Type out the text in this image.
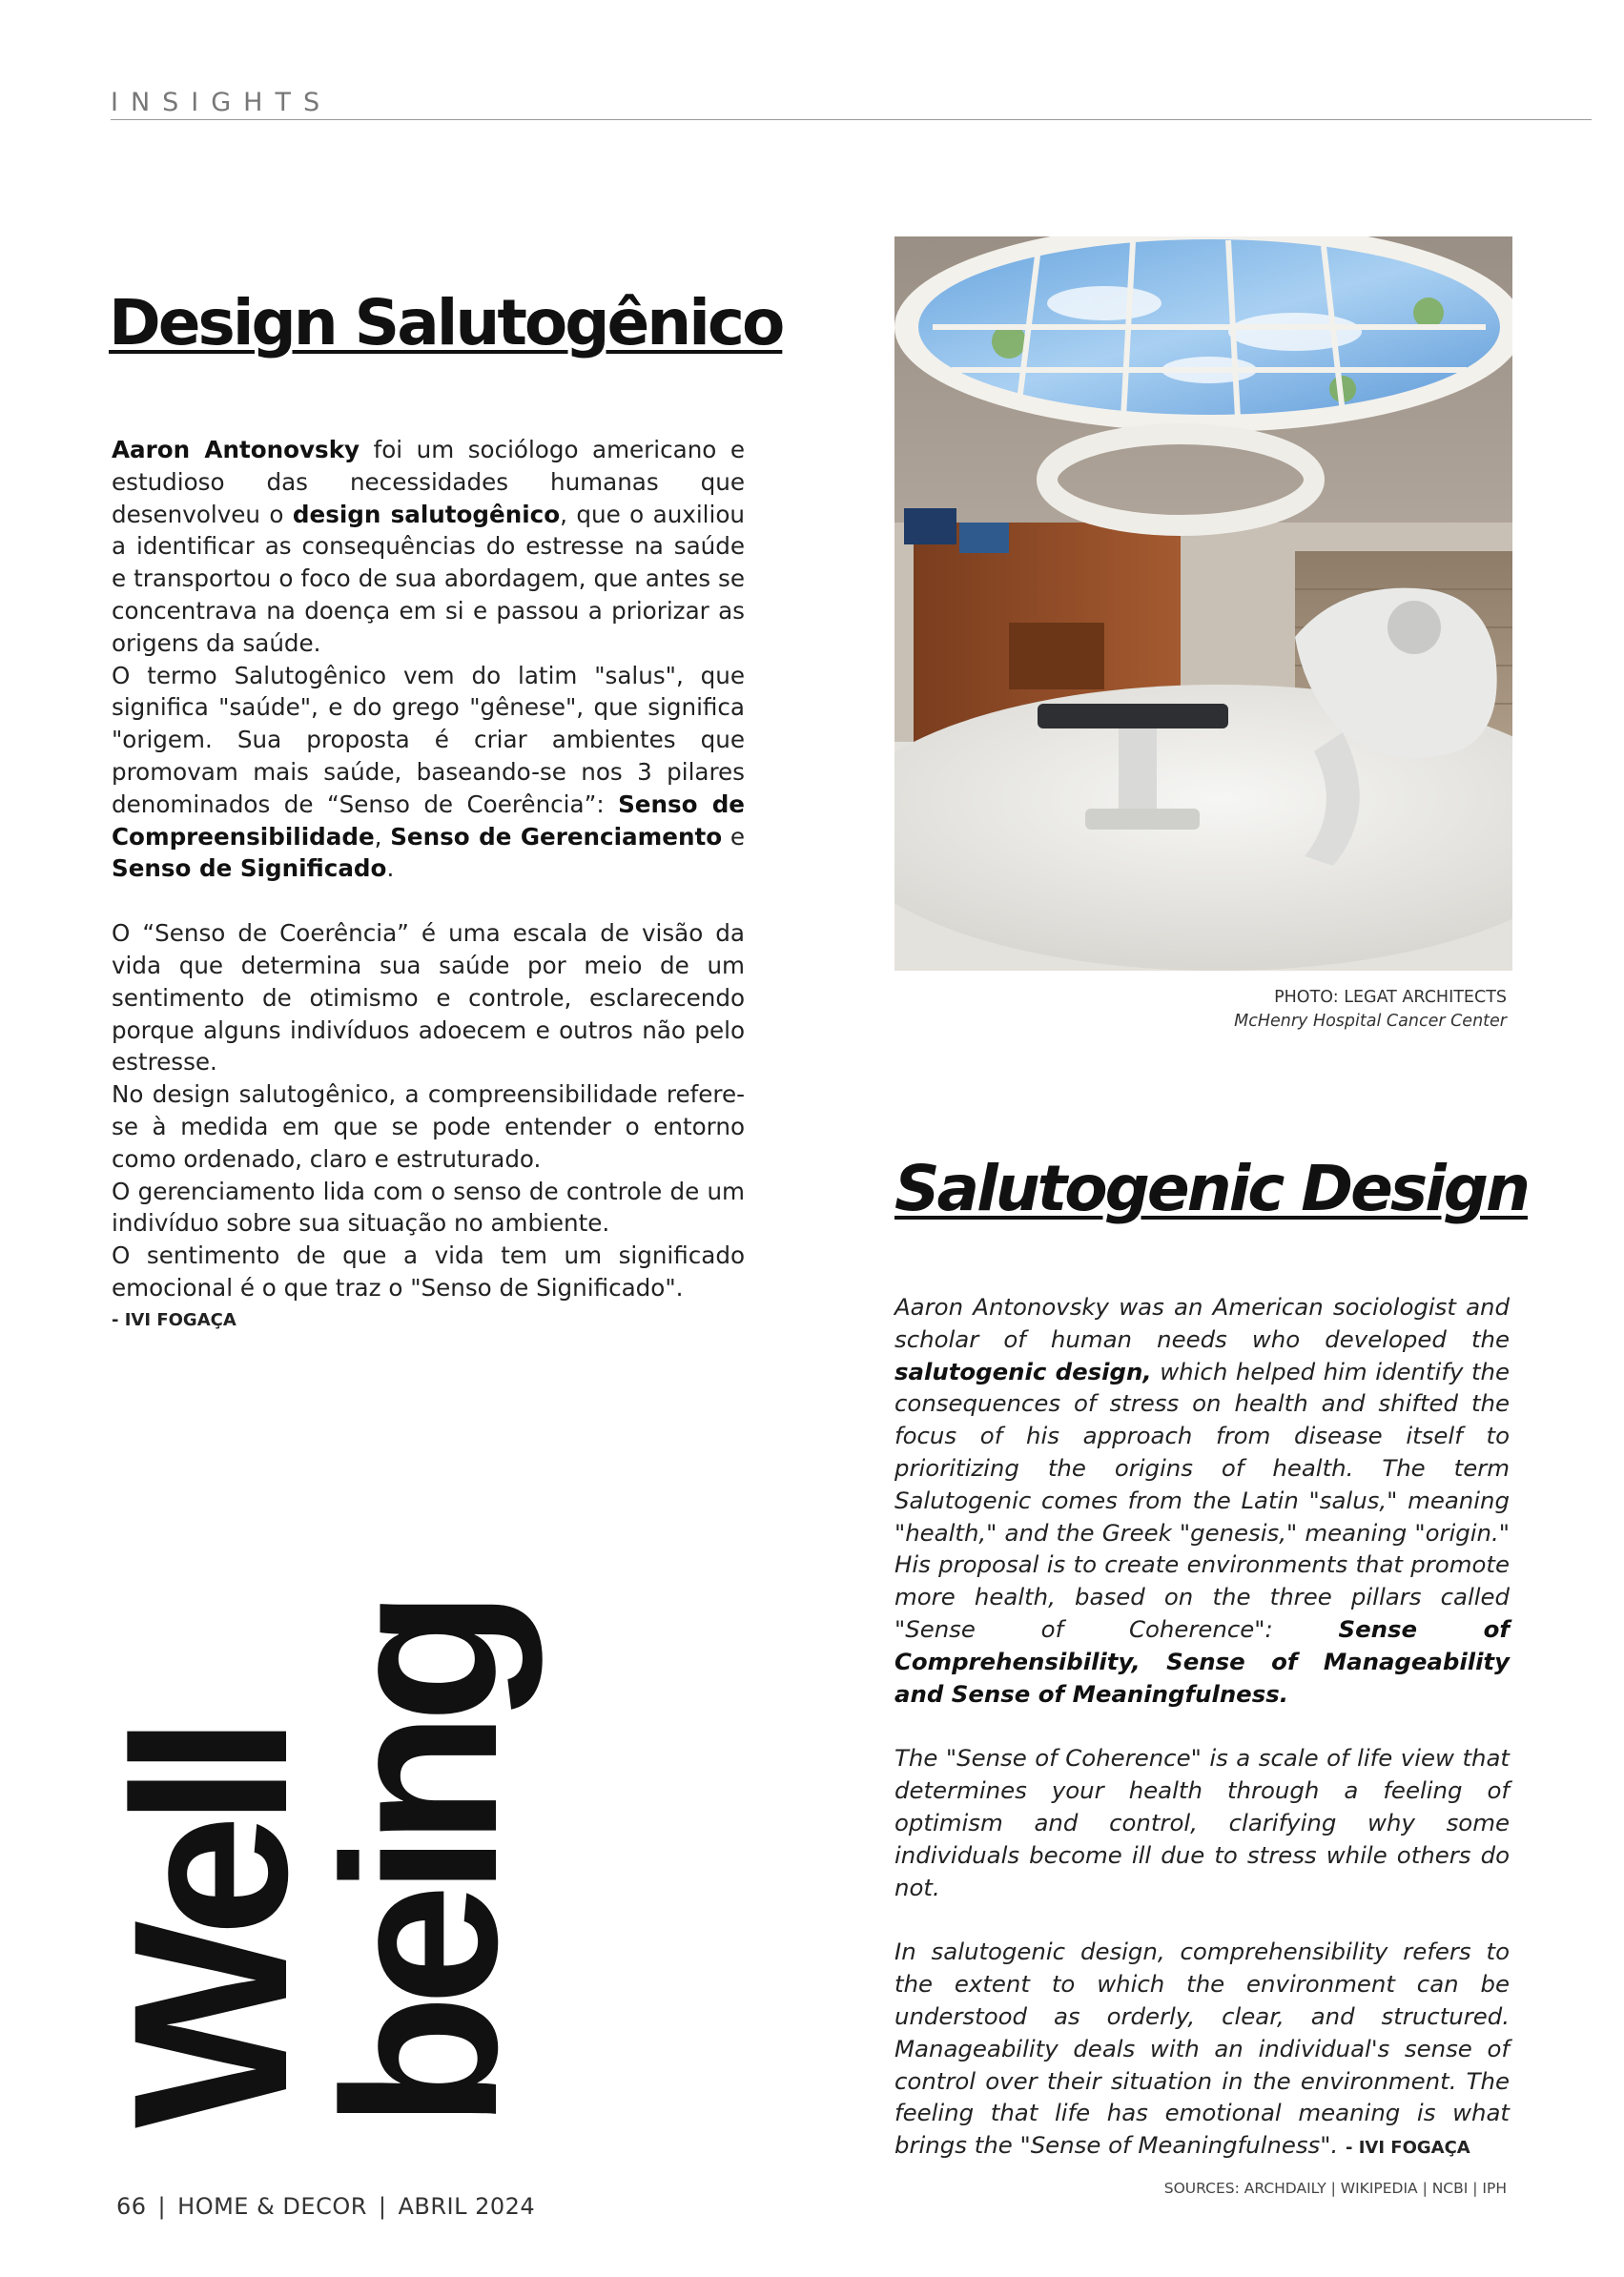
INSIGHTS
Design Salutogênico

Aaron Antonovsky foi um sociólogo americano e estudioso das necessidades humanas que desenvolveu o design salutogênico, que o auxiliou a identificar as consequências do estresse na saúde e transportou o foco de sua abordagem, que antes se concentrava na doença em si e passou a priorizar as origens da saúde.

O termo Salutogênico vem do latim "salus", que significa "saúde", e do grego "gênese", que significa "origem. Sua proposta é criar ambientes que promovam mais saúde, baseando-se nos 3 pilares denominados de “Senso de Coerência”: Senso de Compreensibilidade, Senso de Gerenciamento e Senso de Significado.

O “Senso de Coerência” é uma escala de visão da vida que determina sua saúde por meio de um sentimento de otimismo e controle, esclarecendo porque alguns indivíduos adoecem e outros não pelo estresse.

No design salutogênico, a compreensibilidade refere-se à medida em que se pode entender o entorno como ordenado, claro e estruturado.

O gerenciamento lida com o senso de controle de um indivíduo sobre sua situação no ambiente.

O sentimento de que a vida tem um significado emocional é o que traz o "Senso de Significado".

- IVI FOGAÇA
PHOTO: LEGAT ARCHITECTS
McHenry Hospital Cancer Center
Salutogenic Design

Aaron Antonovsky was an American sociologist and scholar of human needs who developed the salutogenic design, which helped him identify the consequences of stress on health and shifted the focus of his approach from disease itself to prioritizing the origins of health. The term Salutogenic comes from the Latin "salus," meaning "health," and the Greek "genesis," meaning "origin." His proposal is to create environments that promote more health, based on the three pillars called "Sense of Coherence": Sense of Comprehensibility, Sense of Manageability and Sense of Meaningfulness.

The "Sense of Coherence" is a scale of life view that determines your health through a feeling of optimism and control, clarifying why some individuals become ill due to stress while others do not.

In salutogenic design, comprehensibility refers to the extent to which the environment can be understood as orderly, clear, and structured. Manageability deals with an individual's sense of control over their situation in the environment. The feeling that life has emotional meaning is what brings the "Sense of Meaningfulness". - IVI FOGAÇA

Well
being
66 | HOME & DECOR | ABRIL 2024
SOURCES: ARCHDAILY | WIKIPEDIA | NCBI | IPH
